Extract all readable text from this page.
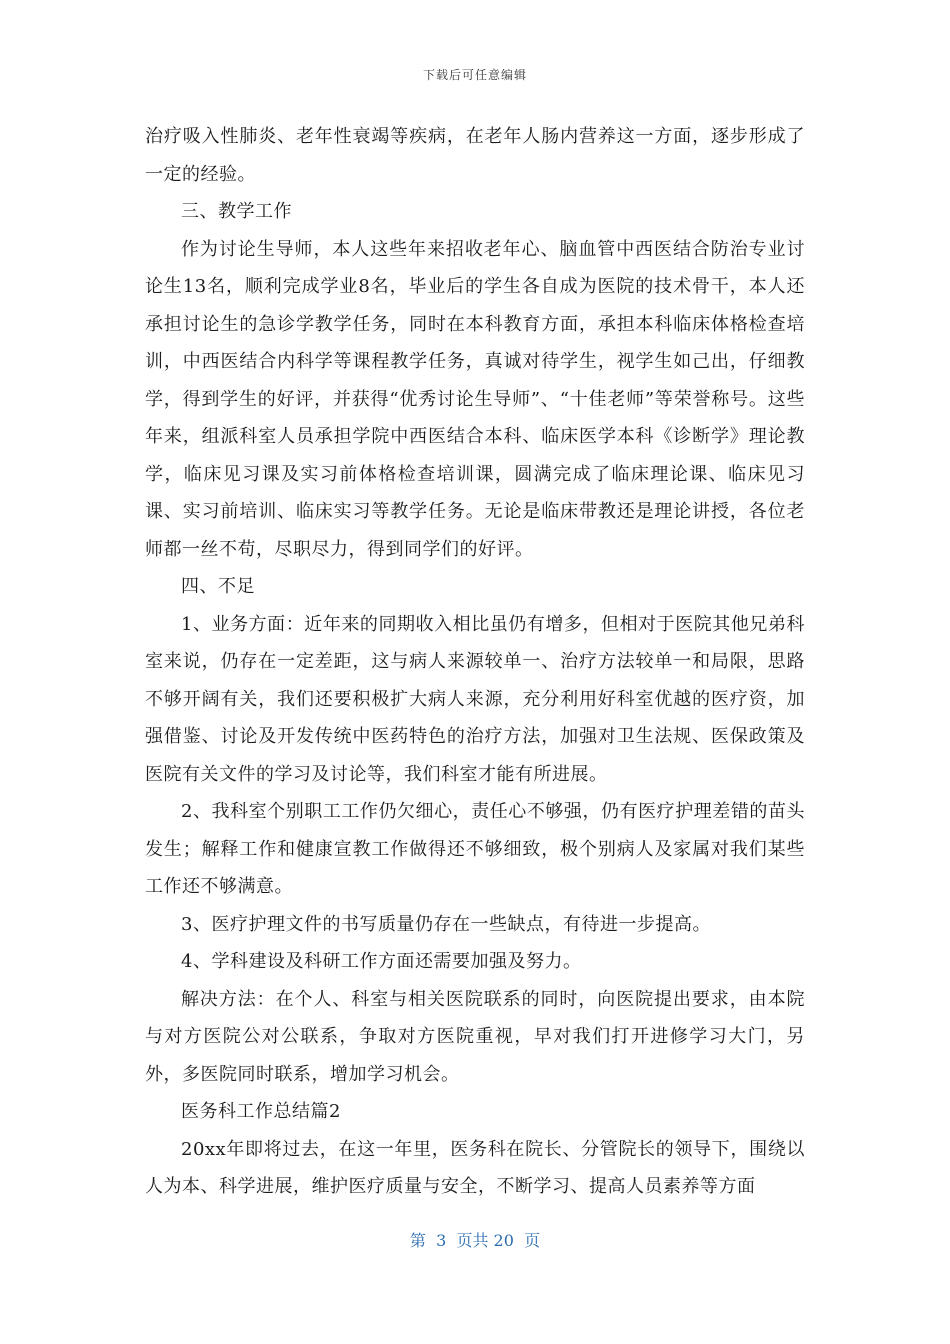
下载后可任意编辑

治疗吸入性肺炎、老年性衰竭等疾病，在老年人肠内营养这一方面，逐步形成了一定的经验。

三、教学工作

作为讨论生导师，本人这些年来招收老年心、脑血管中西医结合防治专业讨论生13名，顺利完成学业8名，毕业后的学生各自成为医院的技术骨干，本人还承担讨论生的急诊学教学任务，同时在本科教育方面，承担本科临床体格检查培训，中西医结合内科学等课程教学任务，真诚对待学生，视学生如己出，仔细教学，得到学生的好评，并获得“优秀讨论生导师”、“十佳老师”等荣誉称号。这些年来，组派科室人员承担学院中西医结合本科、临床医学本科《诊断学》理论教学，临床见习课及实习前体格检查培训课，圆满完成了临床理论课、临床见习课、实习前培训、临床实习等教学任务。无论是临床带教还是理论讲授，各位老师都一丝不苟，尽职尽力，得到同学们的好评。

四、不足

1、业务方面：近年来的同期收入相比虽仍有增多，但相对于医院其他兄弟科室来说，仍存在一定差距，这与病人来源较单一、治疗方法较单一和局限，思路不够开阔有关，我们还要积极扩大病人来源，充分利用好科室优越的医疗资，加强借鉴、讨论及开发传统中医药特色的治疗方法，加强对卫生法规、医保政策及医院有关文件的学习及讨论等，我们科室才能有所进展。

2、我科室个别职工工作仍欠细心，责任心不够强，仍有医疗护理差错的苗头发生；解释工作和健康宣教工作做得还不够细致，极个别病人及家属对我们某些工作还不够满意。

3、医疗护理文件的书写质量仍存在一些缺点，有待进一步提高。

4、学科建设及科研工作方面还需要加强及努力。

解决方法：在个人、科室与相关医院联系的同时，向医院提出要求，由本院与对方医院公对公联系，争取对方医院重视，早对我们打开进修学习大门，另外，多医院同时联系，增加学习机会。

医务科工作总结篇2

20xx年即将过去，在这一年里，医务科在院长、分管院长的领导下，围绕以人为本、科学进展，维护医疗质量与安全，不断学习、提高人员素养等方面

第  3  页共 20  页
